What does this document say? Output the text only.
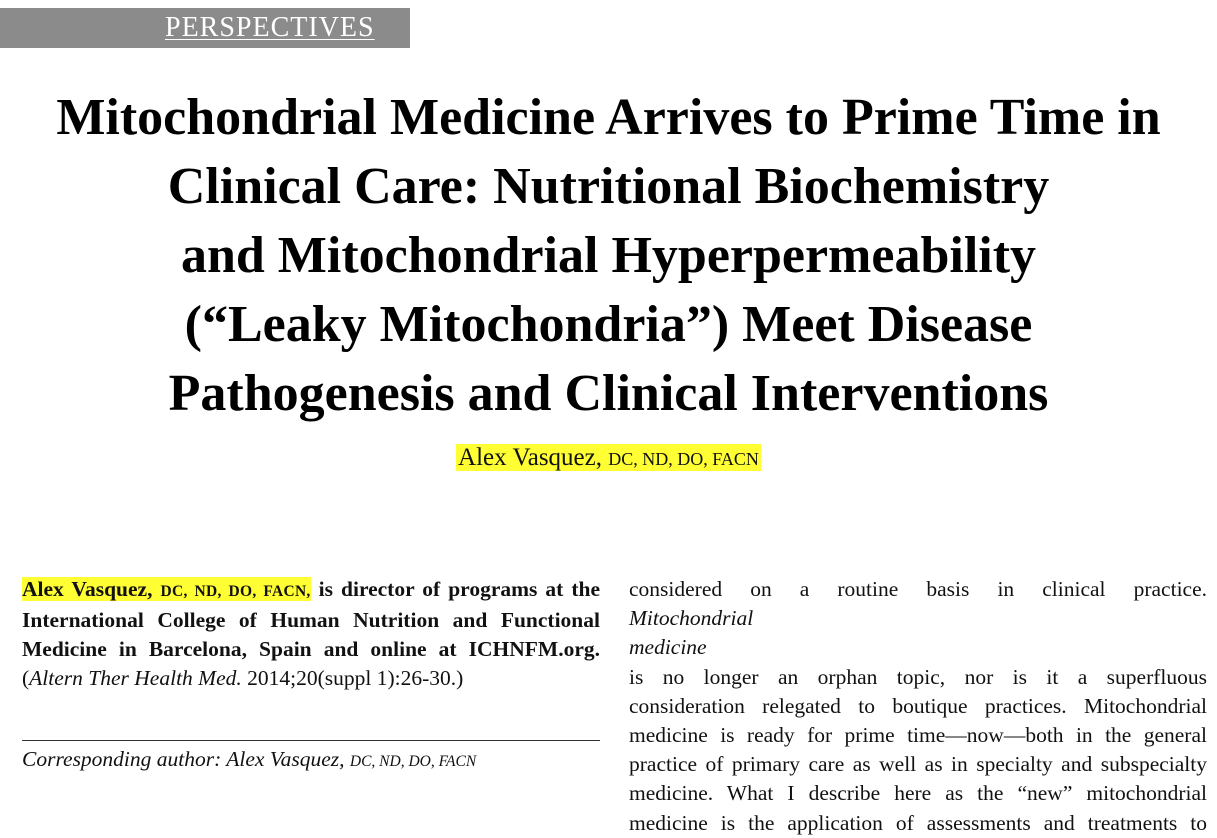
PERSPECTIVES
Mitochondrial Medicine Arrives to Prime Time in
Clinical Care: Nutritional Biochemistry
and Mitochondrial Hyperpermeability
(“Leaky Mitochondria”) Meet Disease
Pathogenesis and Clinical Interventions
Alex Vasquez, DC, ND, DO, FACN

Alex Vasquez, DC, ND, DO, FACN, is director of programs at the International College of Human Nutrition and Functional Medicine in Barcelona, Spain and online at ICHNFM.org. (Altern Ther Health Med. 2014;20(suppl 1):26-30.)

Corresponding author: Alex Vasquez, DC, ND, DO, FACN

considered on a routine basis in clinical practice.
Mitochondrial
medicine
is no longer an orphan topic, nor is it a superfluous
consideration relegated to boutique practices. Mitochondrial
medicine is ready for prime time—now—both in the general
practice of primary care as well as in specialty and subspecialty
medicine. What I describe here as the “new” mitochondrial
medicine is the application of assessments and treatments to
